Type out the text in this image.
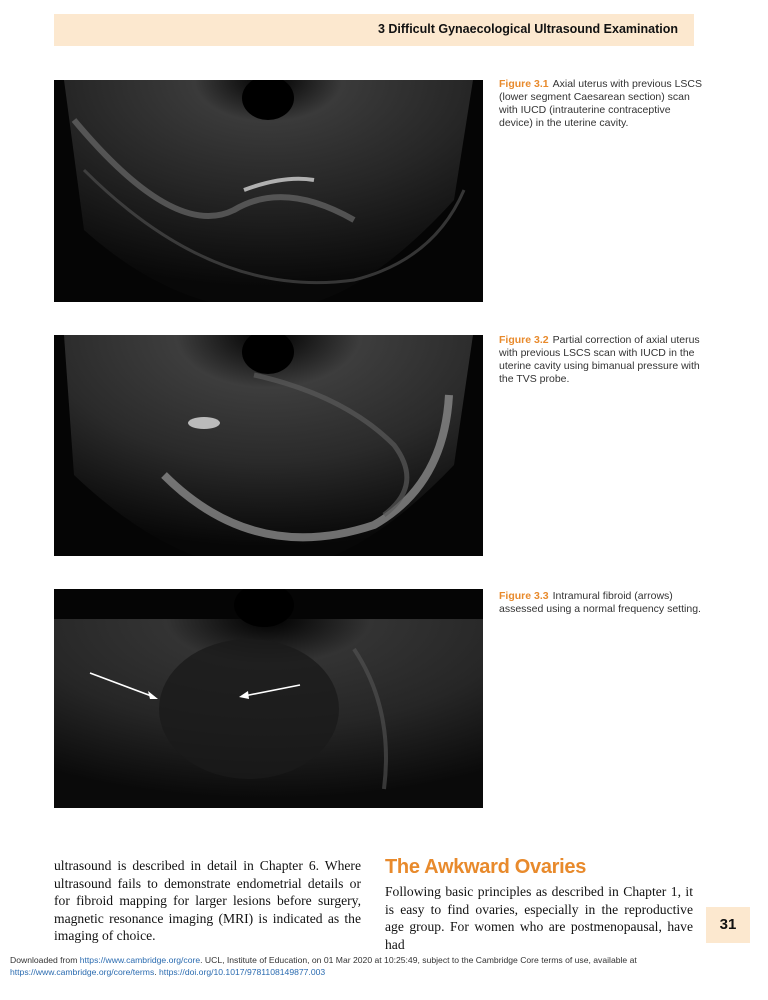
3 Difficult Gynaecological Ultrasound Examination
Figure 3.1 Axial uterus with previous LSCS (lower segment Caesarean section) scan with IUCD (intrauterine contraceptive device) in the uterine cavity.
Figure 3.2 Partial correction of axial uterus with previous LSCS scan with IUCD in the uterine cavity using bimanual pressure with the TVS probe.
Figure 3.3 Intramural fibroid (arrows) assessed using a normal frequency setting.
ultrasound is described in detail in Chapter 6. Where ultrasound fails to demonstrate endometrial details or for fibroid mapping for larger lesions before surgery, magnetic resonance imaging (MRI) is indicated as the imaging of choice.
The Awkward Ovaries
Following basic principles as described in Chapter 1, it is easy to find ovaries, especially in the reproductive age group. For women who are postmenopausal, have had
31
Downloaded from https://www.cambridge.org/core. UCL, Institute of Education, on 01 Mar 2020 at 10:25:49, subject to the Cambridge Core terms of use, available at
https://www.cambridge.org/core/terms. https://doi.org/10.1017/9781108149877.003
